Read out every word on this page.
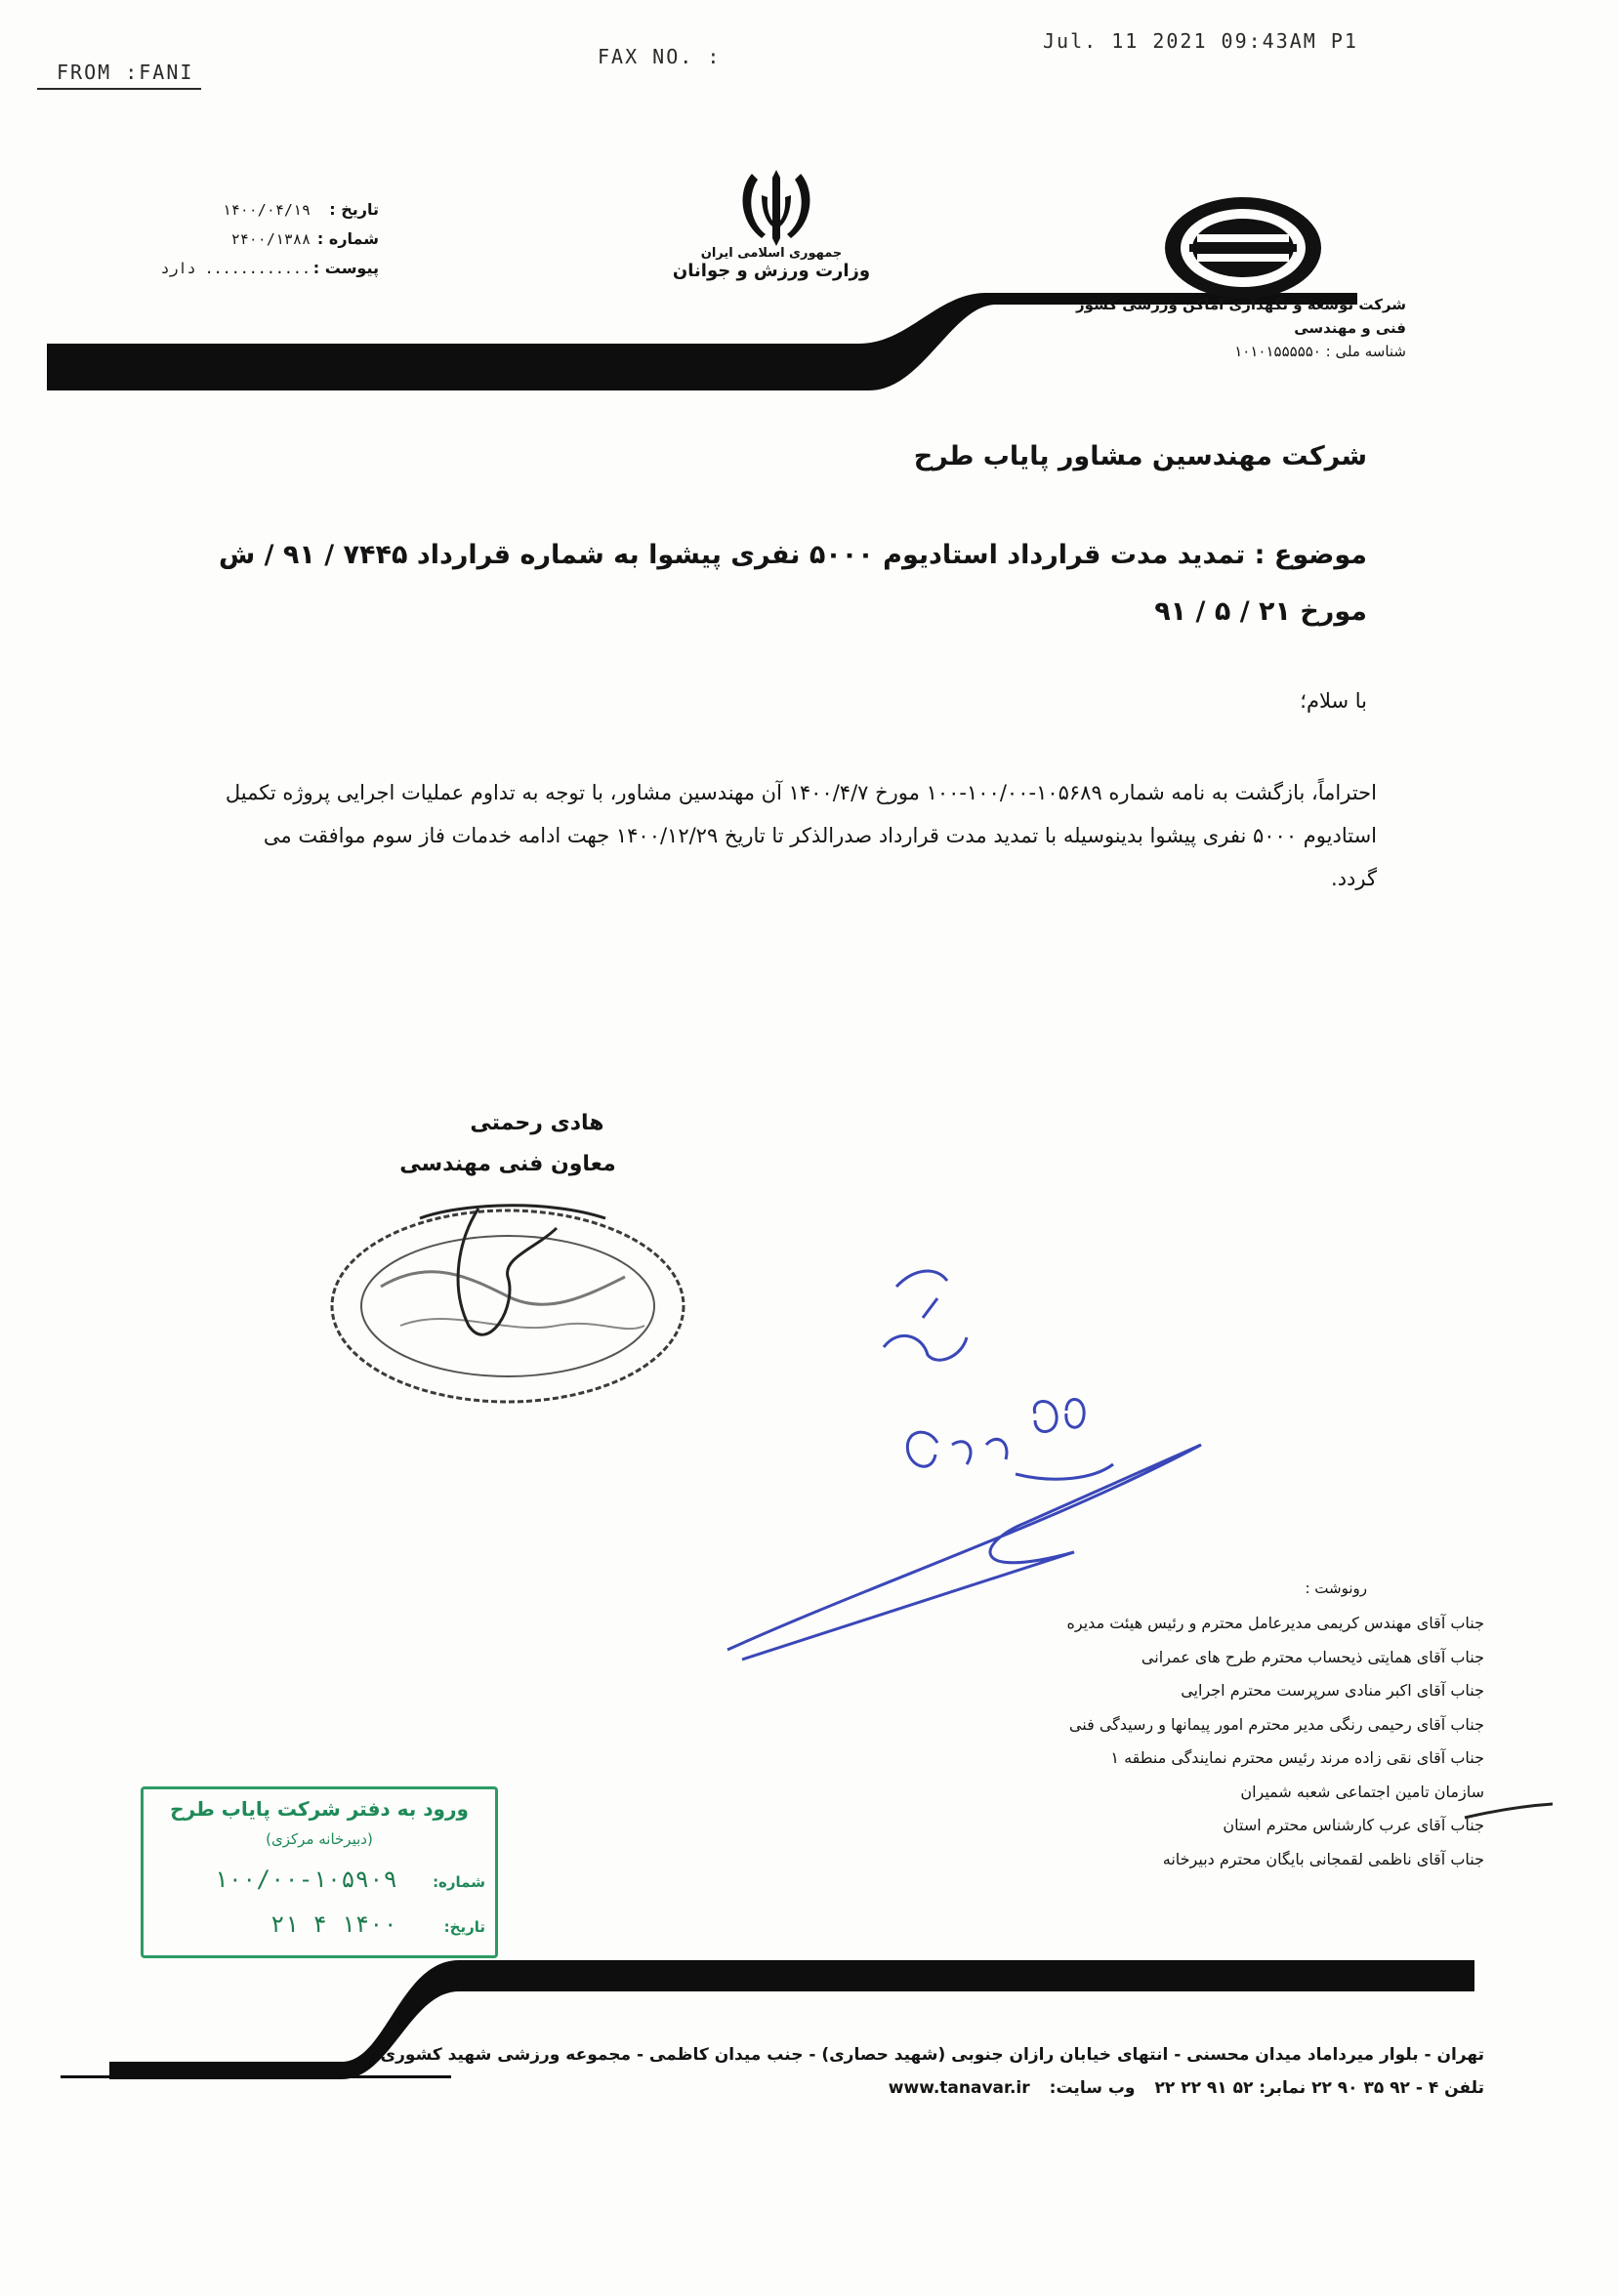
FROM :FANI
FAX NO. :
Jul. 11 2021 09:43AM P1
تاریخ :
۱۴۰۰/۰۴/۱۹
شماره :
۲۴۰۰/۱۳۸۸
پیوست :
............ دارد
جمهوری اسلامی ایران
وزارت ورزش و جوانان
شرکت توسعه و نگهداری اماکن ورزشی کشور
فنی و مهندسی
شناسه ملی : ۱۰۱۰۱۵۵۵۵۵۰
شرکت مهندسین مشاور پایاب طرح
موضوع : تمدید مدت قرارداد استادیوم ۵۰۰۰ نفری پیشوا به شماره قرارداد ۷۴۴۵ / ۹۱ / ش
مورخ ۲۱ / ۵ / ۹۱
با سلام؛
احتراماً، بازگشت به نامه شماره ۱۰۵۶۸۹-۱۰۰/۰۰-۱۰۰ مورخ ۱۴۰۰/۴/۷ آن مهندسین مشاور، با توجه به تداوم عملیات اجرایی پروژه تکمیل استادیوم ۵۰۰۰ نفری پیشوا بدینوسیله با تمدید مدت قرارداد صدرالذکر تا تاریخ ۱۴۰۰/۱۲/۲۹ جهت ادامه خدمات فاز سوم موافقت می گردد.
هادی رحمتی
معاون فنی مهندسی
رونوشت :
جناب آقای مهندس کریمی مدیرعامل محترم و رئیس هیئت مدیره
جناب آقای همایتی ذیحساب محترم طرح های عمرانی
جناب آقای اکبر منادی سرپرست محترم اجرایی
جناب آقای رحیمی رنگی مدیر محترم امور پیمانها و رسیدگی فنی
جناب آقای نقی زاده مرند رئیس محترم نمایندگی منطقه ۱
سازمان تامین اجتماعی شعبه شمیران
جناب آقای عرب کارشناس محترم استان
جناب آقای ناظمی لقمجانی بایگان محترم دبیرخانه
ورود به دفتر شرکت پایاب طرح
(دبیرخانه مرکزی)
شماره:
۱۰۰/۰۰-۱۰۵۹۰۹
تاریخ:
۱۴۰۰ ۴ ۲۱
تهران - بلوار میرداماد میدان محسنی - انتهای خیابان رازان جنوبی (شهید حصاری) - جنب میدان کاظمی - مجموعه ورزشی شهید کشوری
تلفن ۴ - ۹۲ ۳۵ ۹۰ ۲۲ نمابر: ۵۲ ۹۱ ۲۲ ۲۲
وب سایت:
www.tanavar.ir
